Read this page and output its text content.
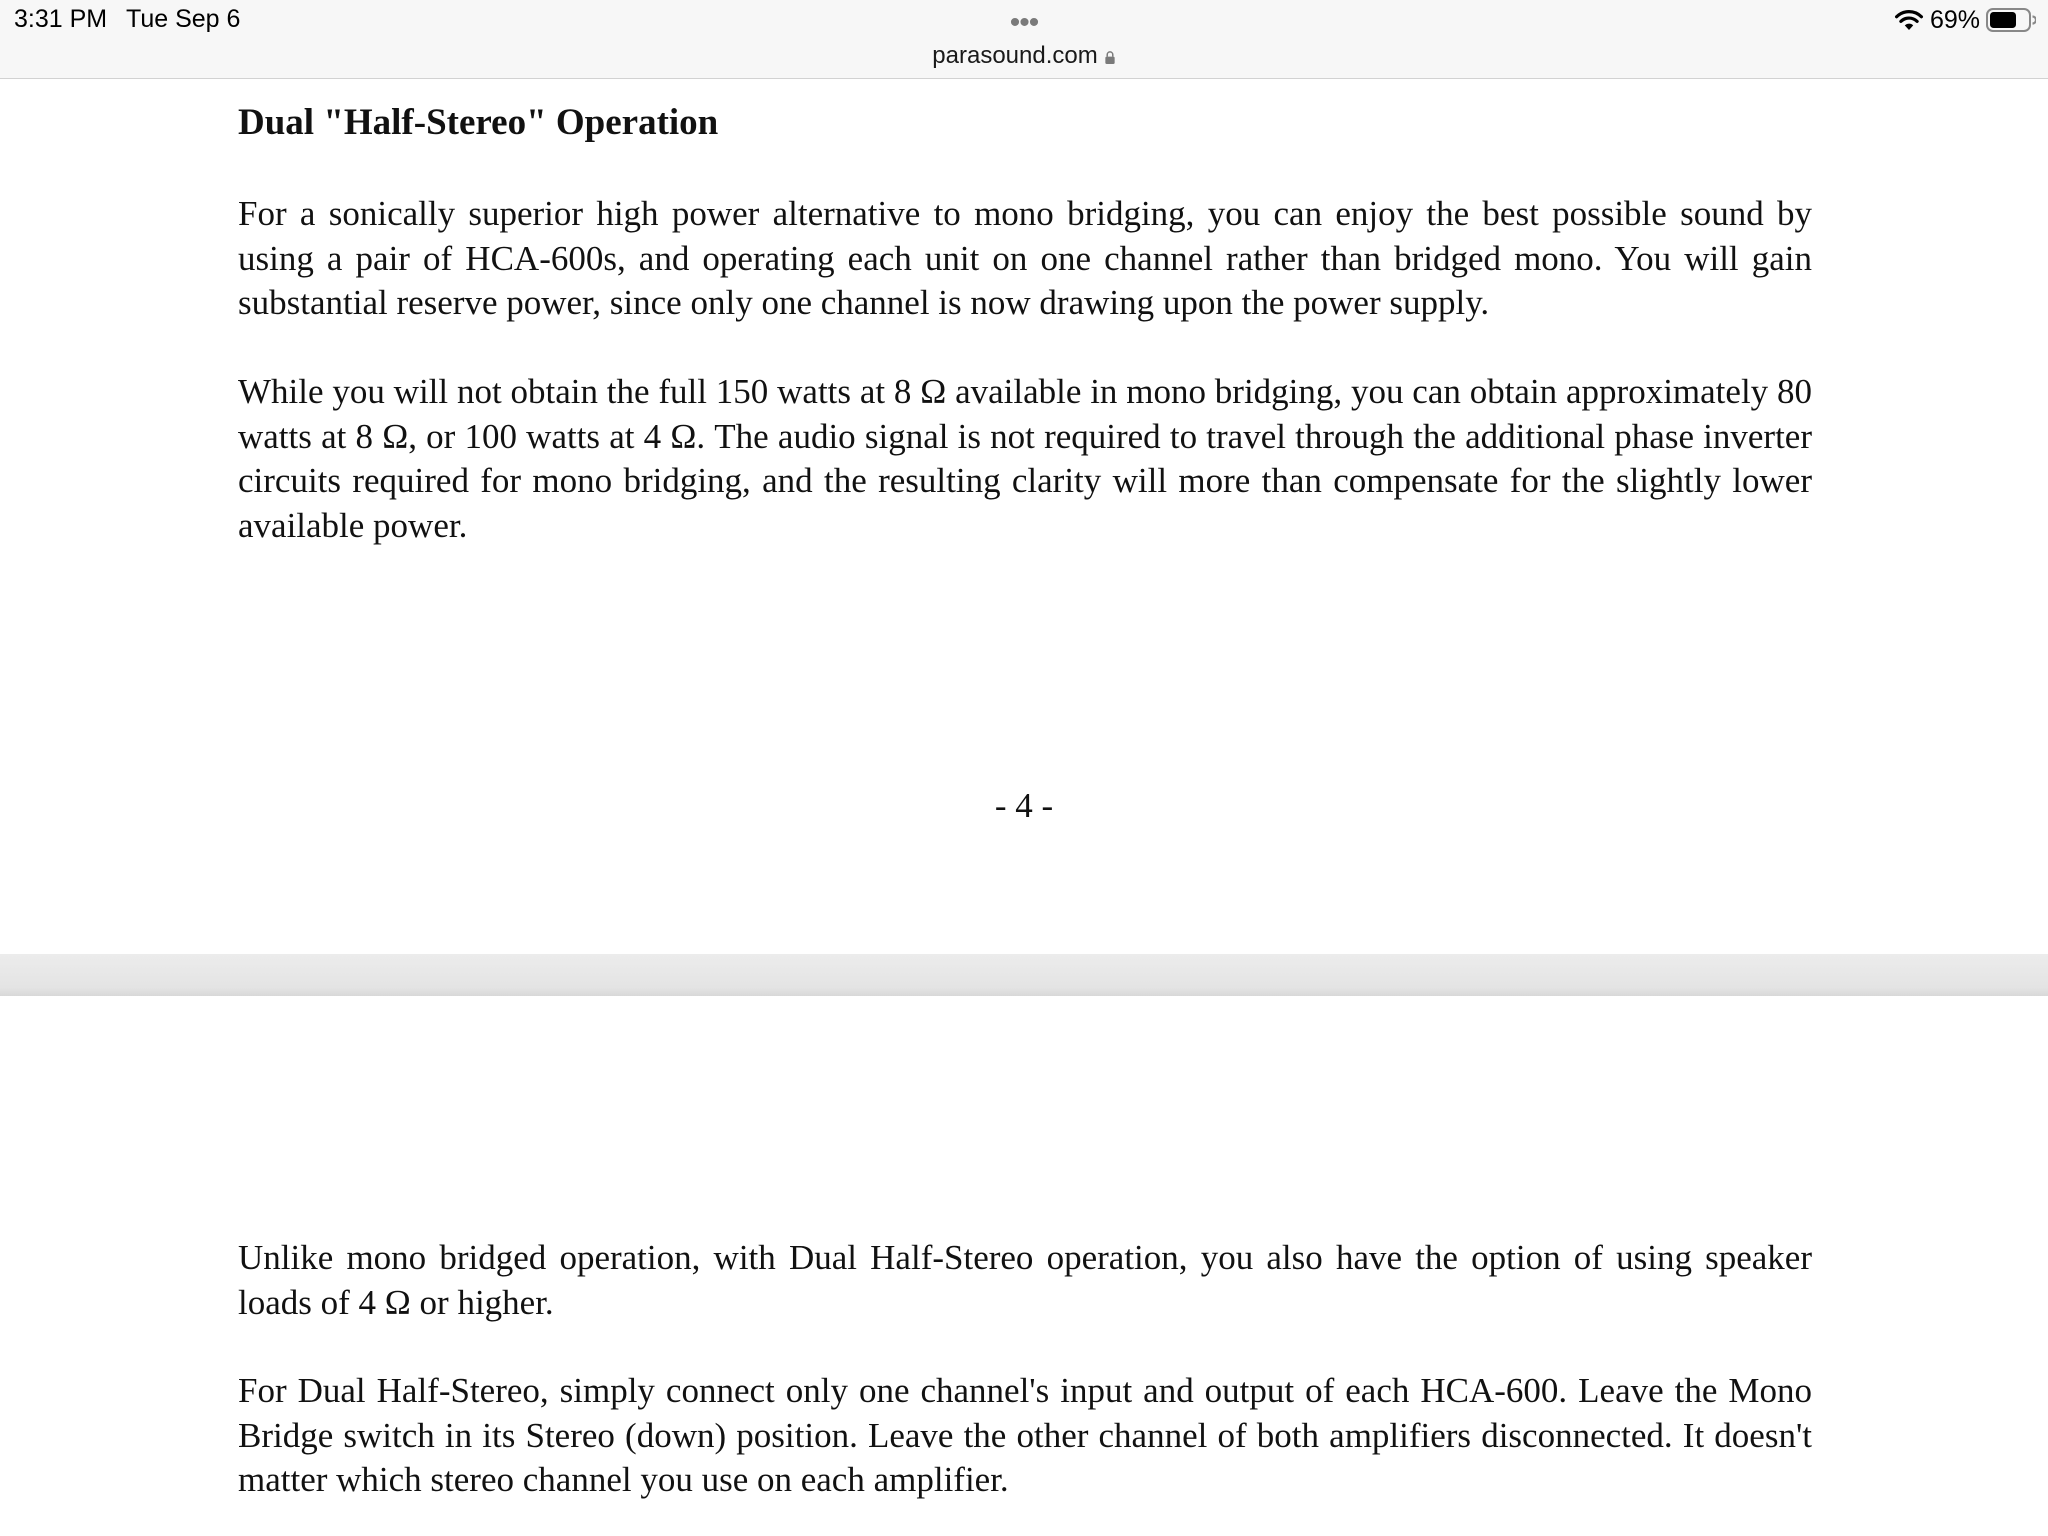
3:31 PM Tue Sep 6	•••
parasound.com
69%
Dual "Half-Stereo" Operation

For a sonically superior high power alternative to mono bridging, you can enjoy the best possible sound by using a pair of HCA-600s, and operating each unit on one channel rather than bridged mono. You will gain substantial reserve power, since only one channel is now drawing upon the power supply.

While you will not obtain the full 150 watts at 8 Ω available in mono bridging, you can obtain approximately 80 watts at 8 Ω, or 100 watts at 4 Ω. The audio signal is not required to travel through the additional phase inverter circuits required for mono bridging, and the resulting clarity will more than compensate for the slightly lower available power.

- 4 -

Unlike mono bridged operation, with Dual Half-Stereo operation, you also have the option of using speaker loads of 4 Ω or higher.

For Dual Half-Stereo, simply connect only one channel's input and output of each HCA-600. Leave the Mono Bridge switch in its Stereo (down) position. Leave the other channel of both amplifiers disconnected. It doesn't matter which stereo channel you use on each amplifier.
